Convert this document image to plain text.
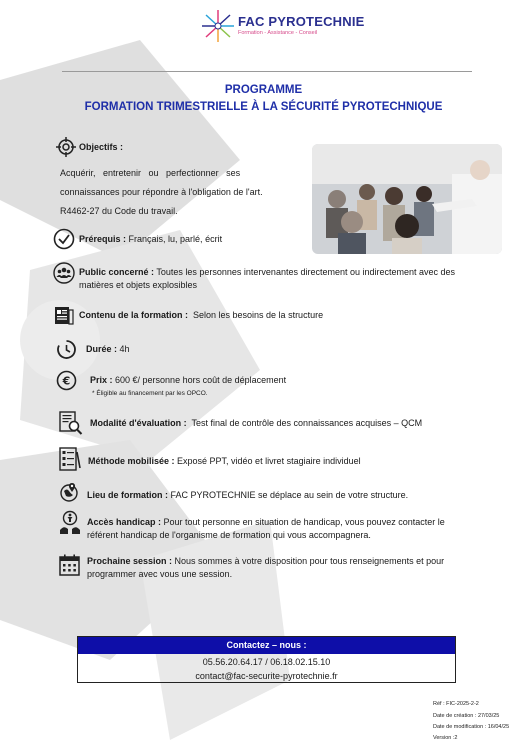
FAC PYROTECHNIE
Formation - Assistance - Conseil
PROGRAMME
FORMATION TRIMESTRIELLE À LA SÉCURITÉ PYROTECHNIQUE
Objectifs :
Acquérir,   entretenir   ou   perfectionner   ses
connaissances pour répondre à l'obligation de l'art.
R4462-27 du Code du travail.
Prérequis : Français, lu, parlé, écrit
Public concerné : Toutes les personnes intervenantes directement ou indirectement avec des
matières et objets explosibles
Contenu de la formation :  Selon les besoins de la structure
Durée : 4h
€ Prix : 600 €/ personne hors coût de déplacement
* Éligible au financement par les OPCO.
Modalité d'évaluation :  Test final de contrôle des connaissances acquises – QCM
Méthode mobilisée : Exposé PPT, vidéo et livret stagiaire individuel
Lieu de formation : FAC PYROTECHNIE se déplace au sein de votre structure.
Accès handicap : Pour tout personne en situation de handicap, vous pouvez contacter le
référent handicap de l'organisme de formation qui vous accompagnera.
Prochaine session : Nous sommes à votre disposition pour tous renseignements et pour
programmer avec vous une session.
Contactez – nous :
05.56.20.64.17 / 06.18.02.15.10
contact@fac-securite-pyrotechnie.fr
Réf : FIC-2025-2-2
Date de création : 27/03/25
Date de modification : 16/04/25
Version :2
